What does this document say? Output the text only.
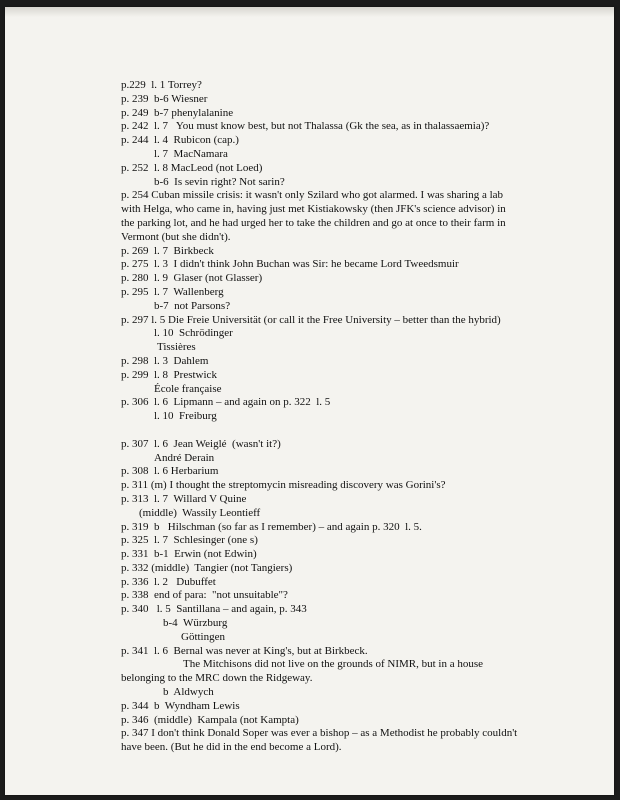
p.229  l. 1 Torrey?
p. 239  b-6 Wiesner
p. 249  b-7 phenylalanine
p. 242  l. 7   You must know best, but not Thalassa (Gk the sea, as in thalassaemia)?
p. 244  l. 4  Rubicon (cap.)
l. 7  MacNamara
p. 252  l. 8 MacLeod (not Loed)
b-6  Is sevin right? Not sarin?
p. 254 Cuban missile crisis: it wasn't only Szilard who got alarmed. I was sharing a lab with Helga, who came in, having just met Kistiakowsky (then JFK's science advisor) in the parking lot, and he had urged her to take the children and go at once to their farm in Vermont (but she didn't).
p. 269  l. 7  Birkbeck
p. 275  l. 3  I didn't think John Buchan was Sir: he became Lord Tweedsmuir
p. 280  l. 9  Glaser (not Glasser)
p. 295  l. 7  Wallenberg
b-7  not Parsons?
p. 297 l. 5 Die Freie Universität (or call it the Free University – better than the hybrid)
l. 10  Schrödinger
Tissières
p. 298  l. 3  Dahlem
p. 299  l. 8  Prestwick
École française
p. 306  l. 6  Lipmann – and again on p. 322  l. 5
l. 10  Freiburg
p. 307  l. 6  Jean Weiglé  (wasn't it?)
André Derain
p. 308  l. 6 Herbarium
p. 311 (m) I thought the streptomycin misreading discovery was Gorini's?
p. 313  l. 7  Willard V Quine
(middle)  Wassily Leontieff
p. 319  b   Hilschman (so far as I remember) – and again p. 320  l. 5.
p. 325  l. 7  Schlesinger (one s)
p. 331  b-1  Erwin (not Edwin)
p. 332 (middle)  Tangier (not Tangiers)
p. 336  l. 2   Dubuffet
p. 338  end of para:  "not unsuitable"?
p. 340   l. 5  Santillana – and again, p. 343
b-4  Würzburg
Göttingen
p. 341  l. 6  Bernal was never at King's, but at Birkbeck.
The Mitchisons did not live on the grounds of NIMR, but in a house belonging to the MRC down the Ridgeway.
b  Aldwych
p. 344  b  Wyndham Lewis
p. 346  (middle)  Kampala (not Kampta)
p. 347 I don't think Donald Soper was ever a bishop – as a Methodist he probably couldn't have been. (But he did in the end become a Lord).
